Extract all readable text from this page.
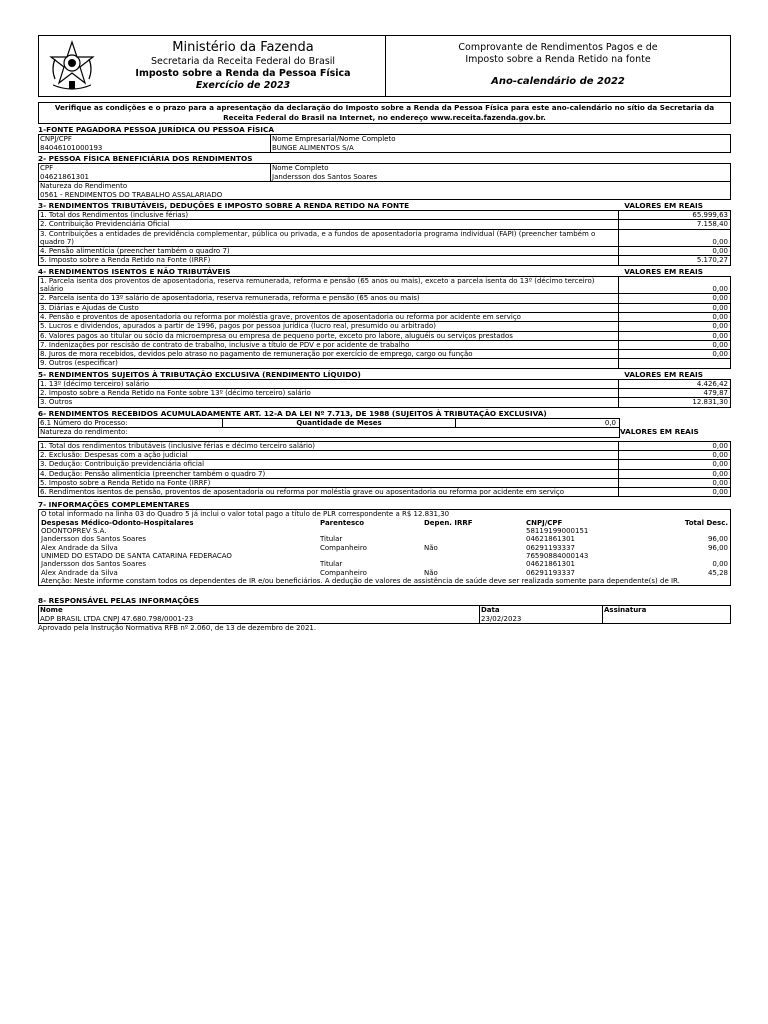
Ministério da Fazenda
Secretaria da Receita Federal do Brasil
Imposto sobre a Renda da Pessoa Física
Exercício de 2023
Comprovante de Rendimentos Pagos e de
Imposto sobre a Renda Retido na fonte
Ano-calendário de 2022
Verifique as condições e o prazo para a apresentação da declaração do Imposto sobre a Renda da Pessoa Física para este ano-calendário no sítio da Secretaria da Receita Federal do Brasil na Internet, no endereço www.receita.fazenda.gov.br.
1-FONTE PAGADORA PESSOA JURÍDICA OU PESSOA FÍSICA
CNPJ/CPF
84046101000193
Nome Empresarial/Nome Completo
BUNGE ALIMENTOS S/A
2- PESSOA FÍSICA BENEFICIÁRIA DOS RENDIMENTOS
CPF
04621861301
Nome Completo
Jandersson dos Santos Soares
Natureza do Rendimento
0561 - RENDIMENTOS DO TRABALHO ASSALARIADO
3- RENDIMENTOS TRIBUTÁVEIS, DEDUÇÕES E IMPOSTO SOBRE A RENDA RETIDO NA FONTE	VALORES EM REAIS
1. Total dos Rendimentos (inclusive férias)	65.999,63
2. Contribuição Previdenciária Oficial	7.158,40
3. Contribuições a entidades de previdência complementar, pública ou privada, e a fundos de aposentadoria programa individual (FAPI) (preencher também o quadro 7)	0,00
4. Pensão alimentícia (preencher também o quadro 7)	0,00
5. Imposto sobre a Renda Retido na Fonte (IRRF)	5.170,27
4- RENDIMENTOS ISENTOS E NÃO TRIBUTÁVEIS	VALORES EM REAIS
1. Parcela isenta dos proventos de aposentadoria, reserva remunerada, reforma e pensão (65 anos ou mais), exceto a parcela isenta do 13º (décimo terceiro) salário	0,00
2. Parcela isenta do 13º salário de aposentadoria, reserva remunerada, reforma e pensão (65 anos ou mais)	0,00
3. Diárias e Ajudas de Custo	0,00
4. Pensão e proventos de aposentadoria ou reforma por moléstia grave, proventos de aposentadoria ou reforma por acidente em serviço	0,00
5. Lucros e dividendos, apurados a partir de 1996, pagos por pessoa jurídica (lucro real, presumido ou arbitrado)	0,00
6. Valores pagos ao titular ou sócio da microempresa ou empresa de pequeno porte, exceto pro labore, aluguéis ou serviços prestados	0,00
7. Indenizações por rescisão de contrato de trabalho, inclusive a título de PDV e por acidente de trabalho	0,00
8. Juros de mora recebidos, devidos pelo atraso no pagamento de remuneração por exercício de emprego, cargo ou função	0,00
9. Outros (especificar)
5- RENDIMENTOS SUJEITOS À TRIBUTAÇÃO EXCLUSIVA (RENDIMENTO LÍQUIDO)	VALORES EM REAIS
1. 13º (décimo terceiro) salário	4.426,42
2. Imposto sobre a Renda Retido na Fonte sobre 13º (décimo terceiro) salário	479,87
3. Outros	12.831,30
6- RENDIMENTOS RECEBIDOS ACUMULADAMENTE ART. 12-A DA LEI Nº 7.713, DE 1988 (SUJEITOS À TRIBUTAÇÃO EXCLUSIVA)
6.1 Número do Processo:	Quantidade de Meses	0,0
Natureza do rendimento:	VALORES EM REAIS
1. Total dos rendimentos tributáveis (inclusive férias e décimo terceiro salário)	0,00
2. Exclusão: Despesas com a ação judicial	0,00
3. Dedução: Contribuição previdenciária oficial	0,00
4. Dedução: Pensão alimentícia (preencher também o quadro 7)	0,00
5. Imposto sobre a Renda Retido na Fonte (IRRF)	0,00
6. Rendimentos isentos de pensão, proventos de aposentadoria ou reforma por moléstia grave ou aposentadoria ou reforma por acidente em serviço	0,00
7- INFORMAÇÕES COMPLEMENTARES
O total informado na linha 03 do Quadro 5 já inclui o valor total pago a título de PLR correspondente a R$ 12.831,30
Despesas Médico-Odonto-Hospitalares	Parentesco	Depen. IRRF	CNPJ/CPF	Total Desc.
ODONTOPREV S.A.			58119199000151	
Jandersson dos Santos Soares	Titular		04621861301	96,00
Alex Andrade da Silva	Companheiro	Não	06291193337	96,00
UNIMED DO ESTADO DE SANTA CATARINA FEDERACAO			76590884000143	
Jandersson dos Santos Soares	Titular		04621861301	0,00
Alex Andrade da Silva	Companheiro	Não	06291193337	45,28
Atenção: Neste informe constam todos os dependentes de IR e/ou beneficiários. A dedução de valores de assistência de saúde deve ser realizada somente para dependente(s) de IR.
8- RESPONSÁVEL PELAS INFORMAÇÕES
Nome
ADP BRASIL LTDA CNPJ 47.680.798/0001-23
Data
23/02/2023
Assinatura

Aprovado pela Instrução Normativa RFB nº 2.060, de 13 de dezembro de 2021.
